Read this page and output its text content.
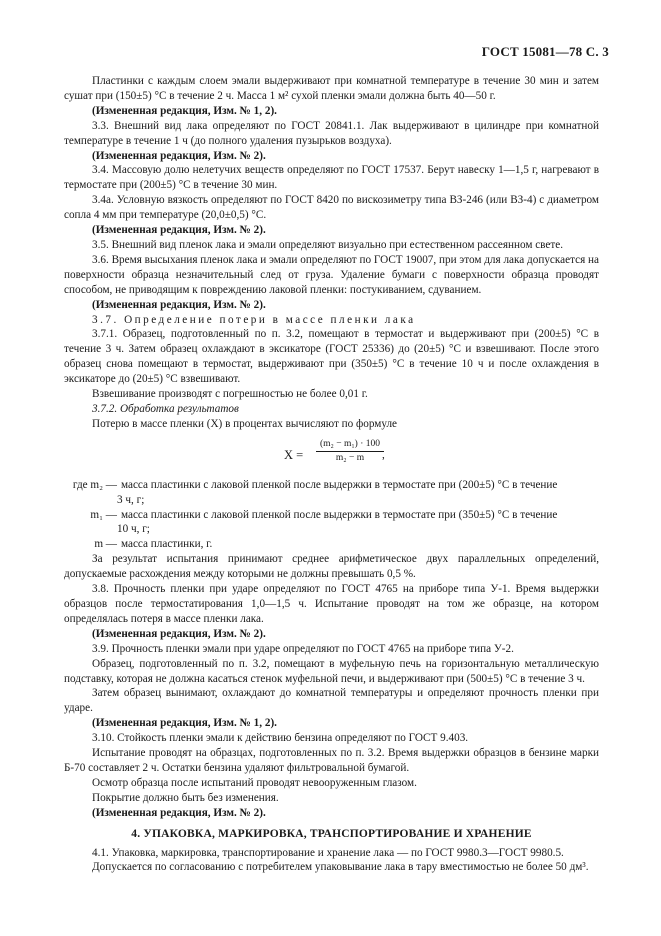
ГОСТ 15081—78 С. 3

Пластинки с каждым слоем эмали выдерживают при комнатной температуре в течение 30 мин и затем сушат при (150±5) °С в течение 2 ч. Масса 1 м² сухой пленки эмали должна быть 40—50 г.

(Измененная редакция, Изм. № 1, 2).

3.3. Внешний вид лака определяют по ГОСТ 20841.1. Лак выдерживают в цилиндре при комнатной температуре в течение 1 ч (до полного удаления пузырьков воздуха).

(Измененная редакция, Изм. № 2).

3.4. Массовую долю нелетучих веществ определяют по ГОСТ 17537. Берут навеску 1—1,5 г, нагревают в термостате при (200±5) °С в течение 30 мин.

3.4а. Условную вязкость определяют по ГОСТ 8420 по вискозиметру типа ВЗ-246 (или ВЗ-4) с диаметром сопла 4 мм при температуре (20,0±0,5) °С.

(Измененная редакция, Изм. № 2).

3.5. Внешний вид пленок лака и эмали определяют визуально при естественном рассеянном свете.

3.6. Время высыхания пленок лака и эмали определяют по ГОСТ 19007, при этом для лака допускается на поверхности образца незначительный след от груза. Удаление бумаги с поверхности образца проводят способом, не приводящим к повреждению лаковой пленки: постукиванием, сдуванием.

(Измененная редакция, Изм. № 2).

3.7. Определение потери в массе пленки лака

3.7.1. Образец, подготовленный по п. 3.2, помещают в термостат и выдерживают при (200±5) °С в течение 3 ч. Затем образец охлаждают в эксикаторе (ГОСТ 25336) до (20±5) °С и взвешивают. После этого образец снова помещают в термостат, выдерживают при (350±5) °С в течение 10 ч и после охлаждения в эксикаторе до (20±5) °С взвешивают.

Взвешивание производят с погрешностью не более 0,01 г.

3.7.2. Обработка результатов

Потерю в массе пленки (X) в процентах вычисляют по формуле

$X = \frac{\text{(m₂ − m₁) · 100}}{\text{m₂ − m}}$
,
где m₂ — масса пластинки с лаковой пленкой после выдержки в термостате при (200±5) °С в течение
3 ч, г;
m₁ — масса пластинки с лаковой пленкой после выдержки в термостате при (350±5) °С в течение
10 ч, г;
m — масса пластинки, г.

За результат испытания принимают среднее арифметическое двух параллельных определений, допускаемые расхождения между которыми не должны превышать 0,5 %.

3.8. Прочность пленки при ударе определяют по ГОСТ 4765 на приборе типа У-1. Время выдержки образцов после термостатирования 1,0—1,5 ч. Испытание проводят на том же образце, на котором определялась потеря в массе пленки лака.

(Измененная редакция, Изм. № 2).

3.9. Прочность пленки эмали при ударе определяют по ГОСТ 4765 на приборе типа У-2.

Образец, подготовленный по п. 3.2, помещают в муфельную печь на горизонтальную металлическую подставку, которая не должна касаться стенок муфельной печи, и выдерживают при (500±5) °С в течение 3 ч.

Затем образец вынимают, охлаждают до комнатной температуры и определяют прочность пленки при ударе.

(Измененная редакция, Изм. № 1, 2).

3.10. Стойкость пленки эмали к действию бензина определяют по ГОСТ 9.403.

Испытание проводят на образцах, подготовленных по п. 3.2. Время выдержки образцов в бензине марки Б-70 составляет 2 ч. Остатки бензина удаляют фильтровальной бумагой.

Осмотр образца после испытаний проводят невооруженным глазом.

Покрытие должно быть без изменения.

(Измененная редакция, Изм. № 2).

4. УПАКОВКА, МАРКИРОВКА, ТРАНСПОРТИРОВАНИЕ И ХРАНЕНИЕ

4.1. Упаковка, маркировка, транспортирование и хранение лака — по ГОСТ 9980.3—ГОСТ 9980.5.

Допускается по согласованию с потребителем упаковывание лака в тару вместимостью не более 50 дм³.
